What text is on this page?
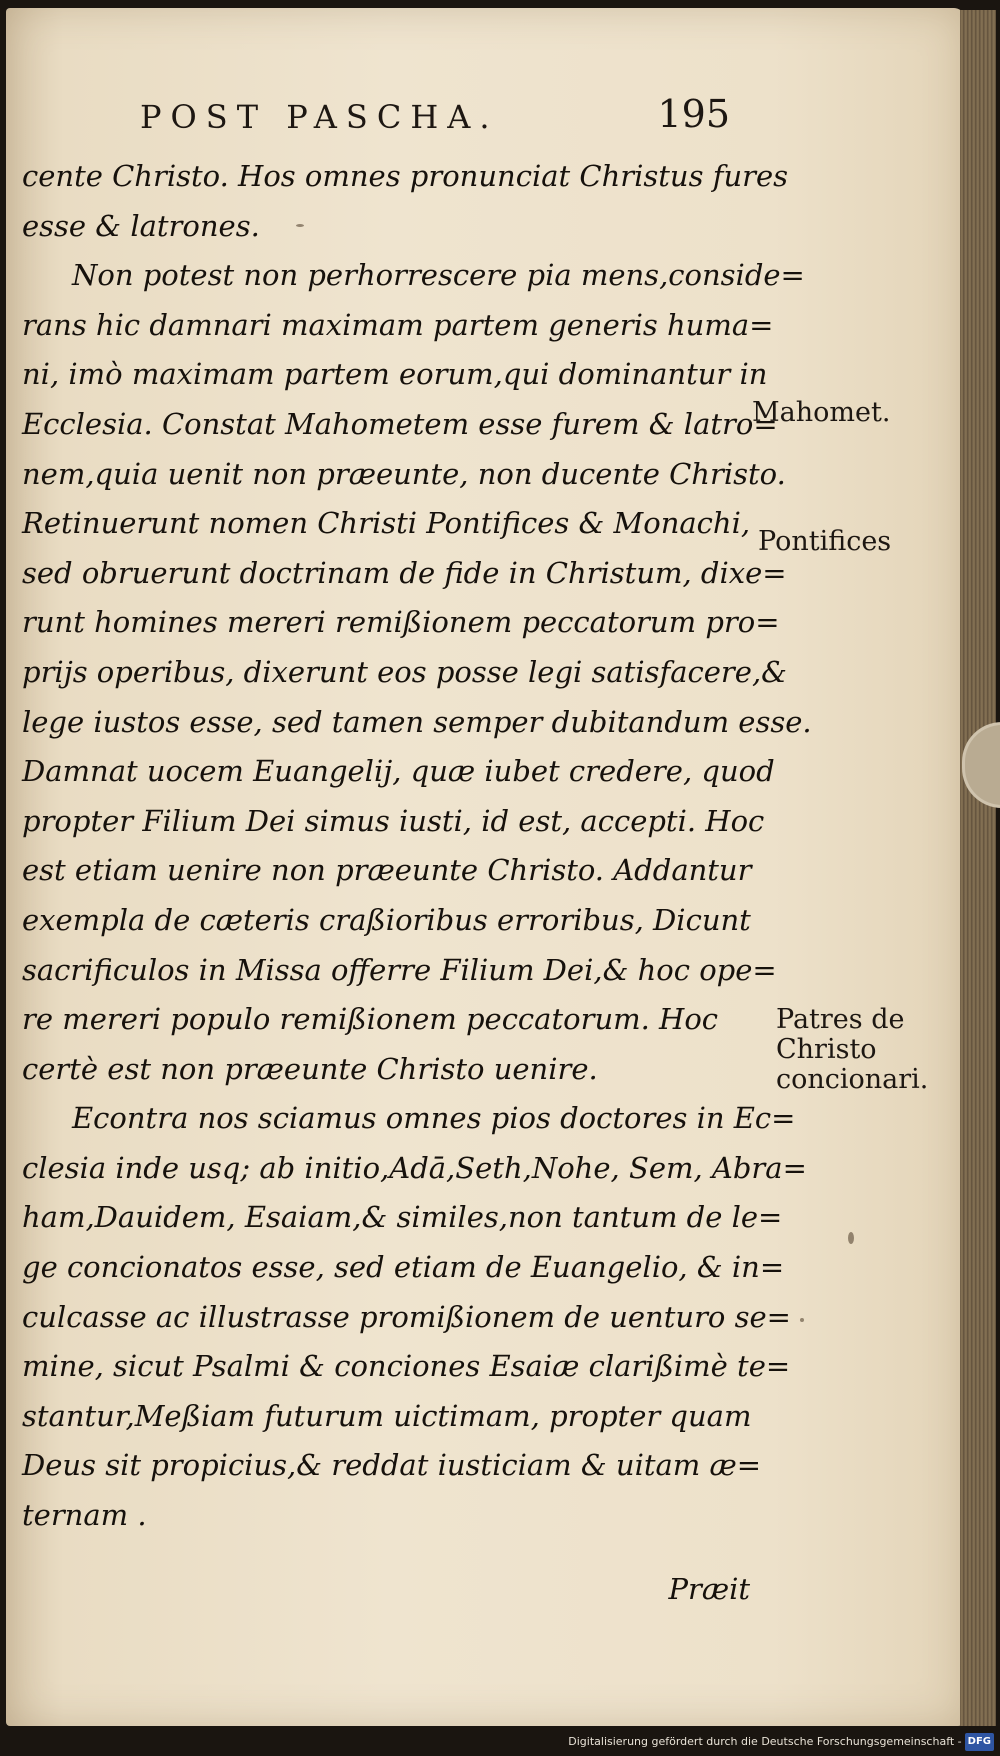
POST PASCHA.	195
cente Christo. Hos omnes pronunciat Christus fures
esse & latrones.
Non potest non perhorrescere pia mens,conside=
rans hic damnari maximam partem generis huma=
ni, imò maximam partem eorum,qui dominantur in
Ecclesia. Constat Mahometem esse furem & latro=
nem,quia uenit non præeunte, non ducente Christo.
Retinuerunt nomen Christi Pontifices & Monachi,
sed obruerunt doctrinam de fide in Christum, dixe=
runt homines mereri remißionem peccatorum pro=
prijs operibus, dixerunt eos posse legi satisfacere,&
lege iustos esse, sed tamen semper dubitandum esse.
Damnat uocem Euangelij, quæ iubet credere, quod
propter Filium Dei simus iusti, id est, accepti. Hoc
est etiam uenire non præeunte Christo. Addantur
exempla de cæteris craßioribus erroribus, Dicunt
sacrificulos in Missa offerre Filium Dei,& hoc ope=
re mereri populo remißionem peccatorum. Hoc
certè est non præeunte Christo uenire.
Econtra nos sciamus omnes pios doctores in Ec=
clesia inde usq; ab initio,Adā,Seth,Nohe, Sem, Abra=
ham,Dauidem, Esaiam,& similes,non tantum de le=
ge concionatos esse, sed etiam de Euangelio, & in=
culcasse ac illustrasse promißionem de uenturo se=
mine, sicut Psalmi & conciones Esaiæ clarißimè te=
stantur,Meßiam futurum uictimam, propter quam
Deus sit propicius,& reddat iusticiam & uitam æ=
ternam .
Præit
Mahomet.
Pontifices
Patres de
Christo
concionari.
Digitalisierung gefördert durch die Deutsche Forschungsgemeinschaft - DFG
